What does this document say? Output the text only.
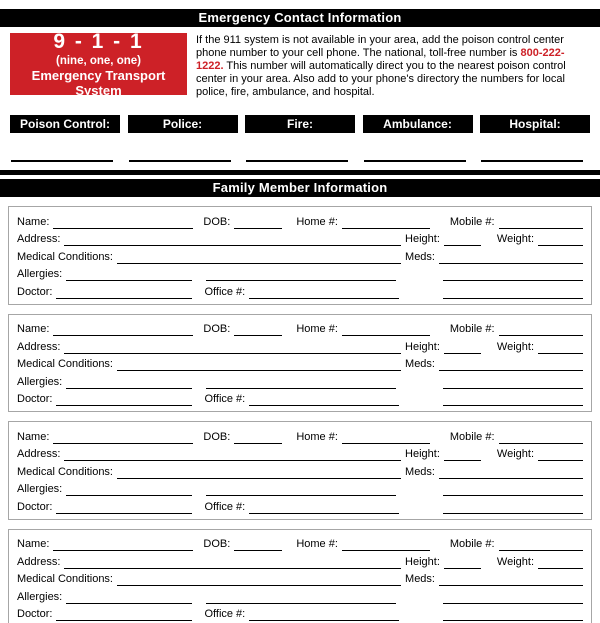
Emergency Contact Information
9 - 1 - 1
(nine, one, one)
Emergency Transport System

If the 911 system is not available in your area, add the poison control center phone number to your cell phone. The national, toll-free number is 800-222-1222. This number will automatically direct you to the nearest poison control center in your area. Also add to your phone's directory the numbers for local police, fire, ambulance, and hospital.

Poison Control:	Police:	Fire:	Ambulance:	Hospital:
Family Member Information
Name:	DOB:	Home #:	Mobile #:
Address:	Height:	Weight:
Medical Conditions:	Meds:
Allergies:
Doctor:	Office #:
Name:	DOB:	Home #:	Mobile #:
Address:	Height:	Weight:
Medical Conditions:	Meds:
Allergies:
Doctor:	Office #:
Name:	DOB:	Home #:	Mobile #:
Address:	Height:	Weight:
Medical Conditions:	Meds:
Allergies:
Doctor:	Office #:
Name:	DOB:	Home #:	Mobile #:
Address:	Height:	Weight:
Medical Conditions:	Meds:
Allergies:
Doctor:	Office #:
